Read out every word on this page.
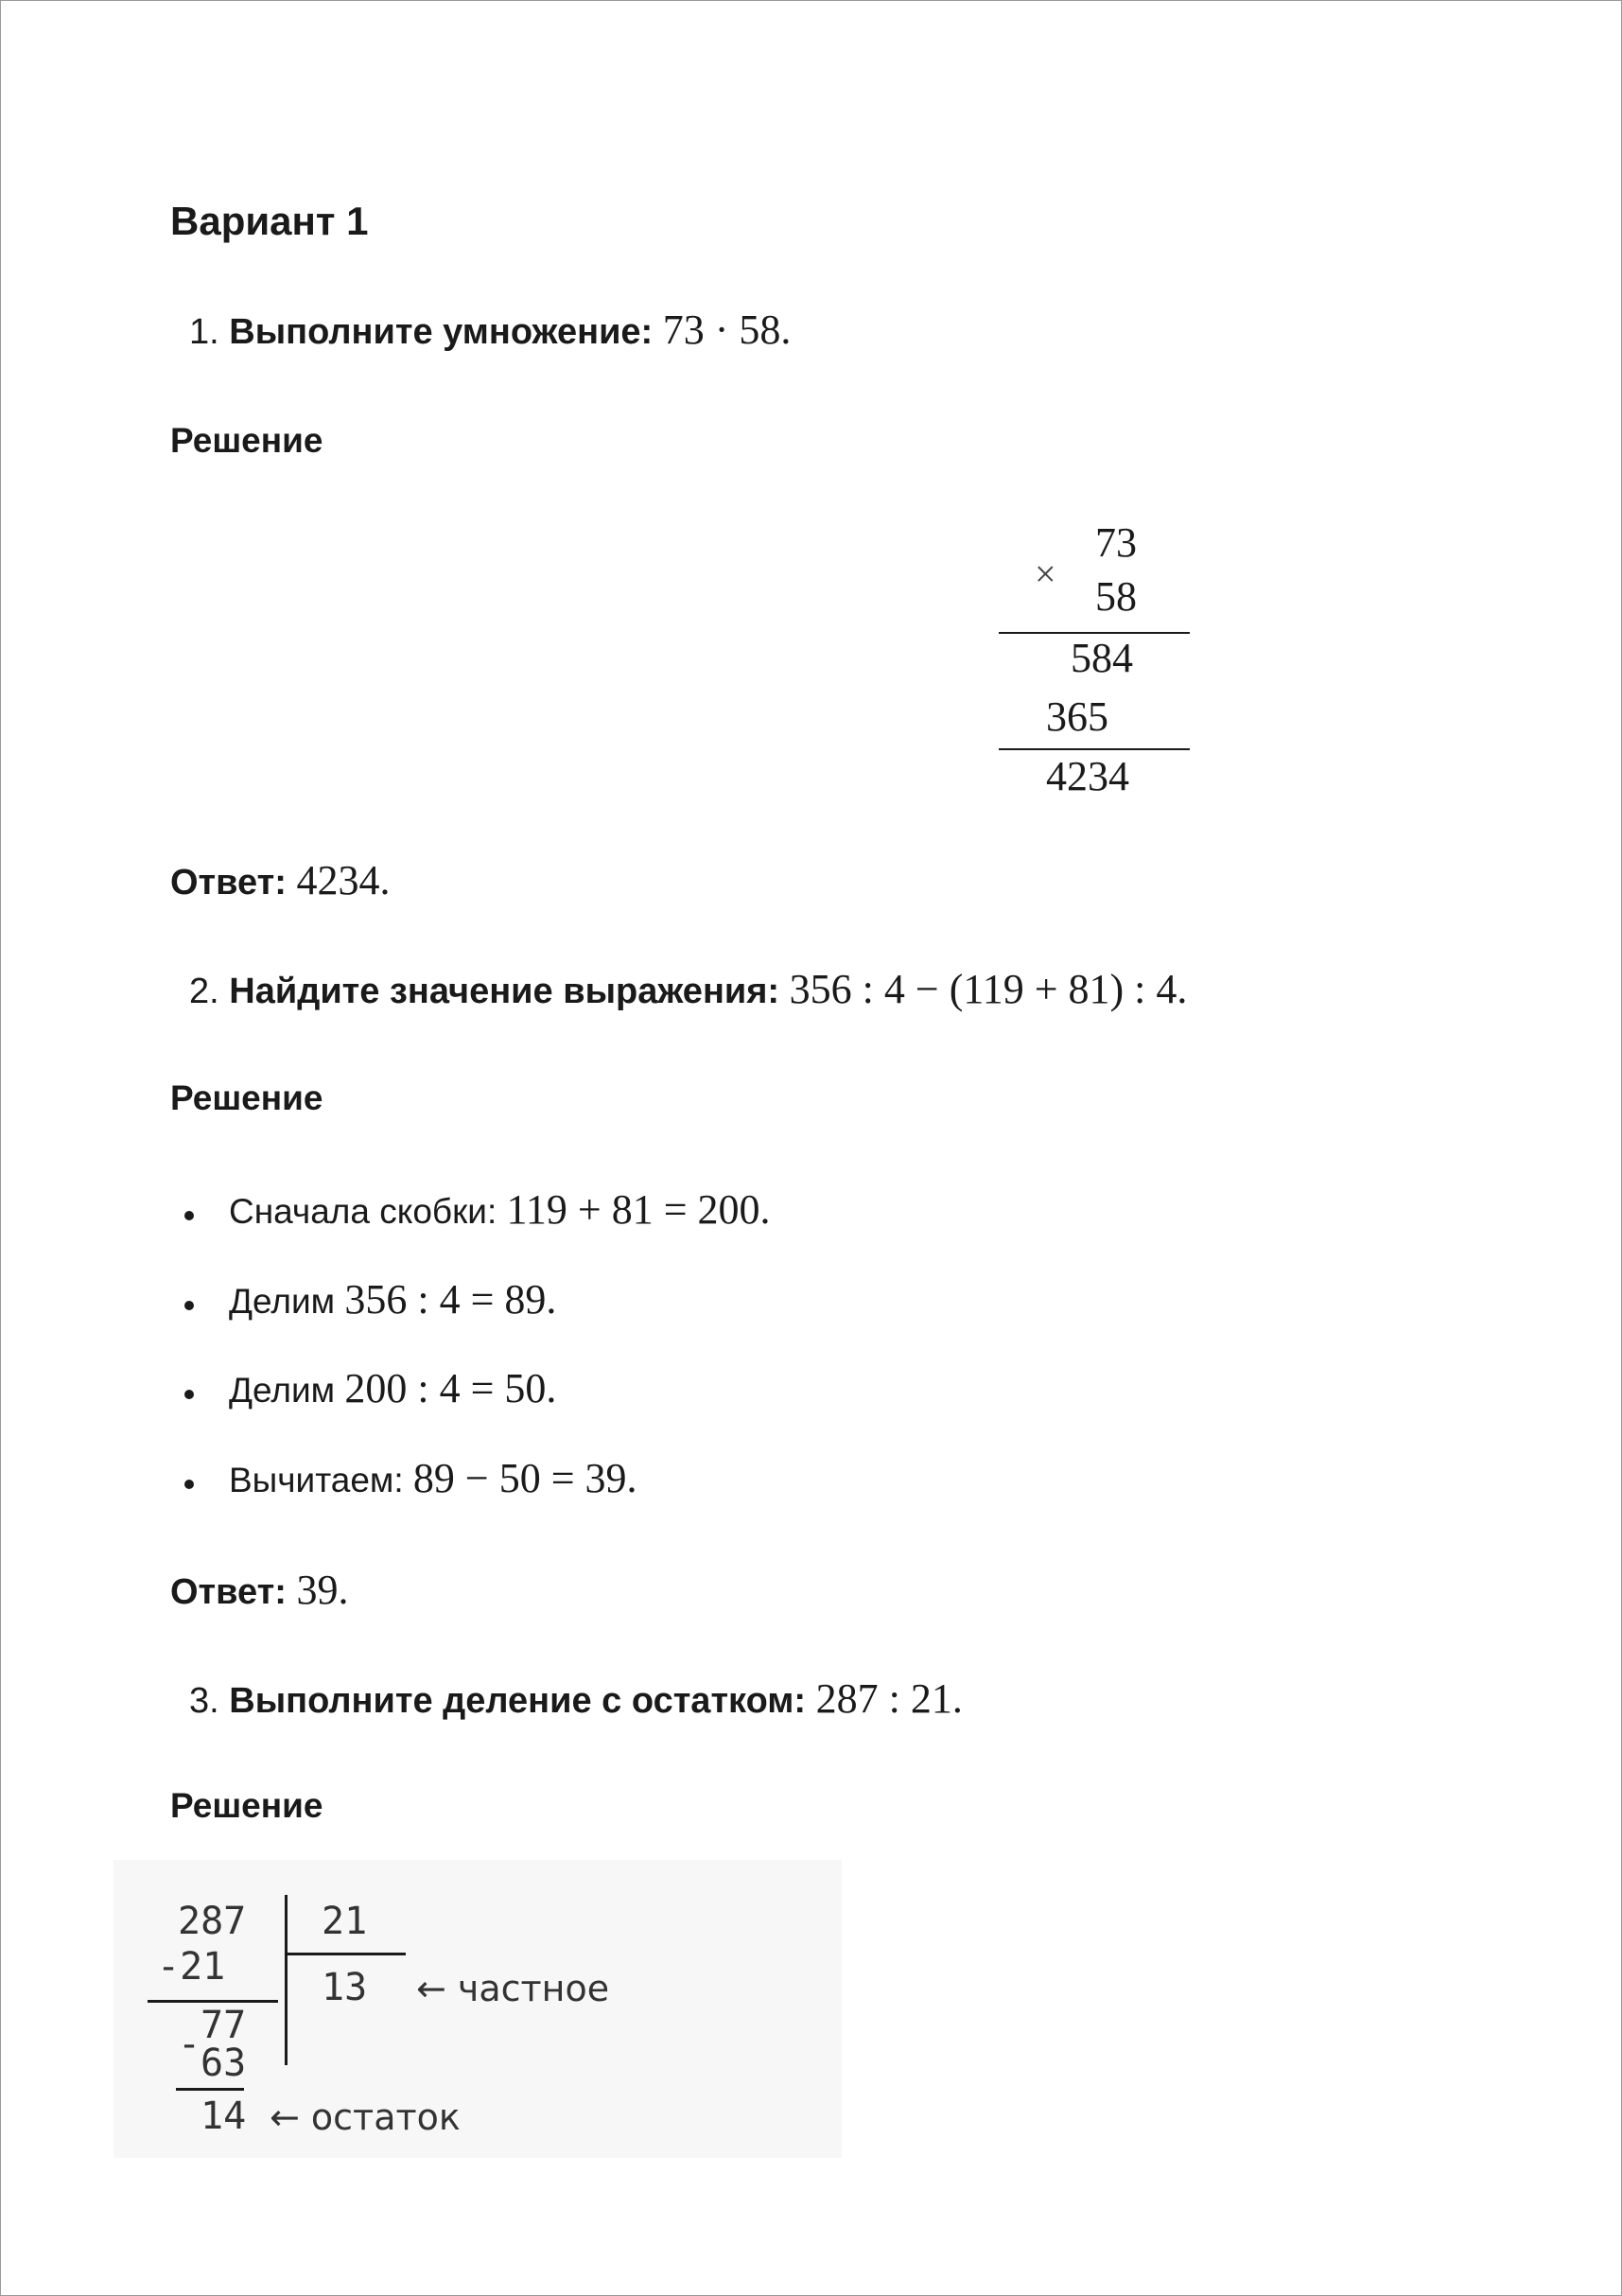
Вариант 1
1. Выполните умножение: 73 · 58.
Решение
73
× 58
584
365
4234
Ответ: 4234.
2. Найдите значение выражения: 356 : 4 − (119 + 81) : 4.
Решение
Сначала скобки: 119 + 81 = 200.
Делим 356 : 4 = 89.
Делим 200 : 4 = 50.
Вычитаем: 89 − 50 = 39.
Ответ: 39.
3. Выполните деление с остатком: 287 : 21.
Решение
287 21
-21	13 ← частное
- 77
63
14 ← остаток
